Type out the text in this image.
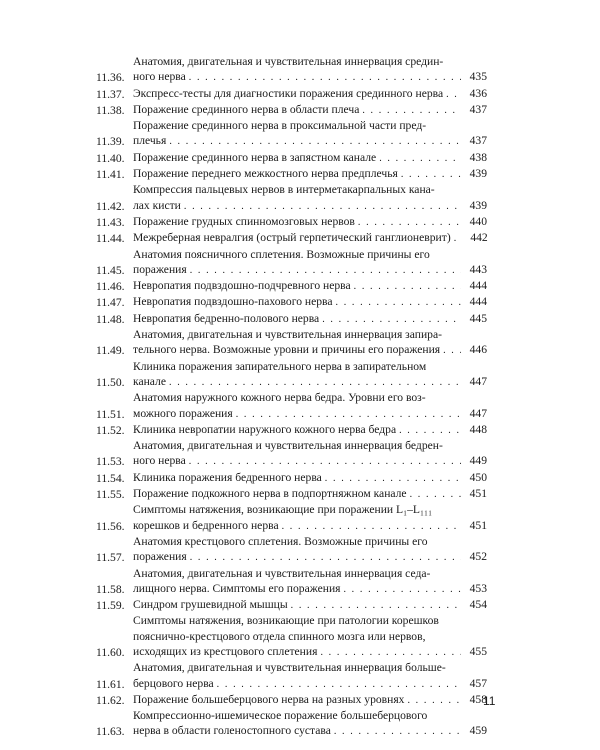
11.36.
Анатомия, двигательная и чувствительная иннервация средин-
ного нерва . . .	435
11.37. Экспресс-тесты для диагностики поражения срединного нерва . . . 436
11.38. Поражение срединного нерва в области плеча . . .	437
11.39.
Поражение срединного нерва в проксимальной части пред-
плечья . . .	437
11.40. Поражение срединного нерва в запястном канале . . .	438
11.41. Поражение переднего межкостного нерва предплечья . . .	439
11.42.
Компрессия пальцевых нервов в интерметакарпальных кана-
лах кисти . . .	439
11.43. Поражение грудных спинномозговых нервов . . .	440
11.44. Межреберная невралгия (острый герпетический ганглионеврит) . . . 442
11.45.
Анатомия поясничного сплетения. Возможные причины его
поражения . . .	443
11.46. Невропатия подвздошно-подчревного нерва . . .	444
11.47. Невропатия подвздошно-пахового нерва . . .	444
11.48. Невропатия бедренно-полового нерва . . .	445
11.49.
Анатомия, двигательная и чувствительная иннервация запира-
тельного нерва. Возможные уровни и причины его поражения . . .	446
11.50.
Клиника поражения запирательного нерва в запирательном
канале . . .	447
11.51.
Анатомия наружного кожного нерва бедра. Уровни его воз-
можного поражения . . .	447
11.52. Клиника невропатии наружного кожного нерва бедра . . .	448
11.53.
Анатомия, двигательная и чувствительная иннервация бедрен-
ного нерва . . .	449
11.54. Клиника поражения бедренного нерва . . .	450
11.55. Поражение подкожного нерва в подпортняжном канале . . .	451
11.56.
Симптомы натяжения, возникающие при поражении L₁–L₁₁₁
корешков и бедренного нерва . . .	451
11.57.
Анатомия крестцового сплетения. Возможные причины его
поражения . . .	452
11.58.
Анатомия, двигательная и чувствительная иннервация седа-
лищного нерва. Симптомы его поражения . . .	453
11.59. Синдром грушевидной мышцы . . .	454
11.60.
Симптомы натяжения, возникающие при патологии корешков
пояснично-крестцового отдела спинного мозга или нервов,
исходящих из крестцового сплетения . . .	455
11.61.
Анатомия, двигательная и чувствительная иннервация больше-
берцового нерва . . .	457
11.62. Поражение большеберцового нерва на разных уровнях . . .	458
11.63.
Компрессионно-ишемическое поражение большеберцового
нерва в области голеностопного сустава . . .	459
11
